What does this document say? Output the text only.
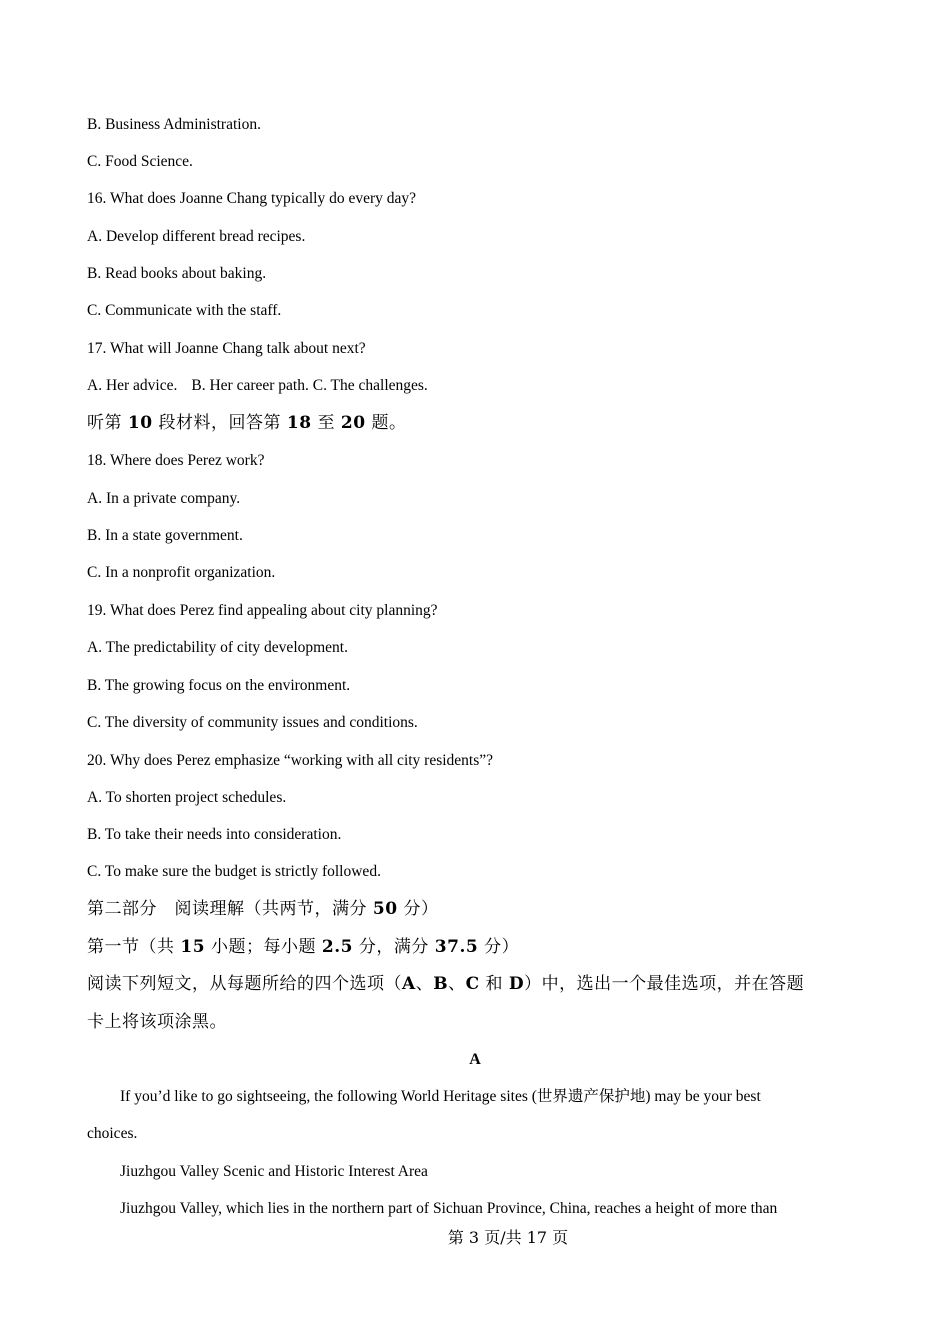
B. Business Administration.
C. Food Science.
16. What does Joanne Chang typically do every day?
A. Develop different bread recipes.
B. Read books about baking.
C. Communicate with the staff.
17. What will Joanne Chang talk about next?
A. Her advice. B. Her career path. C. The challenges.
听第 10 段材料，回答第 18 至 20 题。
18. Where does Perez work?
A. In a private company.
B. In a state government.
C. In a nonprofit organization.
19. What does Perez find appealing about city planning?
A. The predictability of city development.
B. The growing focus on the environment.
C. The diversity of community issues and conditions.
20. Why does Perez emphasize “working with all city residents”?
A. To shorten project schedules.
B. To take their needs into consideration.
C. To make sure the budget is strictly followed.
第二部分　阅读理解（共两节，满分 50 分）
第一节（共 15 小题；每小题 2.5 分，满分 37.5 分）
阅读下列短文，从每题所给的四个选项（A、B、C 和 D）中，选出一个最佳选项，并在答题
卡上将该项涂黑。
A
If you’d like to go sightseeing, the following World Heritage sites (世界遗产保护地) may be your best
choices.
Jiuzhgou Valley Scenic and Historic Interest Area
Jiuzhgou Valley, which lies in the northern part of Sichuan Province, China, reaches a height of more than
第 3 页/共 17 页
